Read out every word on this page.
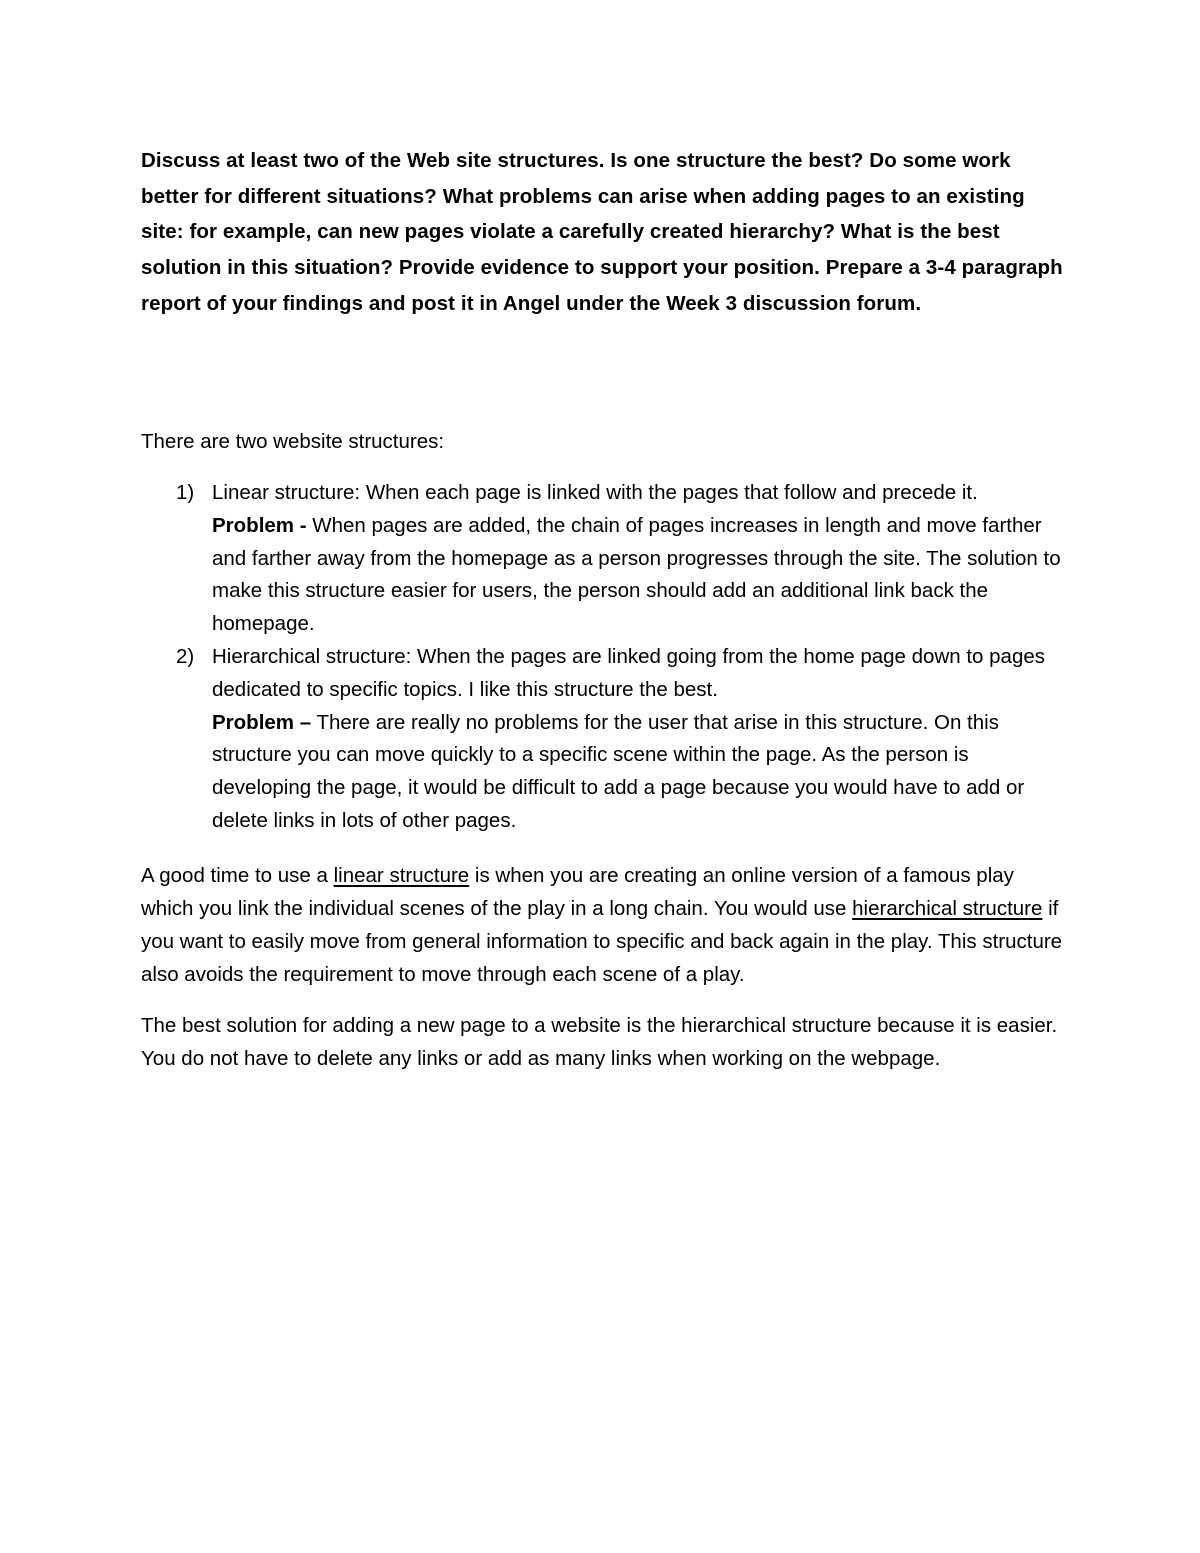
Discuss at least two of the Web site structures. Is one structure the best? Do some work better for different situations? What problems can arise when adding pages to an existing site: for example, can new pages violate a carefully created hierarchy? What is the best solution in this situation? Provide evidence to support your position. Prepare a 3-4 paragraph report of your findings and post it in Angel under the Week 3 discussion forum.

There are two website structures:

1) Linear structure: When each page is linked with the pages that follow and precede it.
Problem - When pages are added, the chain of pages increases in length and move farther and farther away from the homepage as a person progresses through the site. The solution to make this structure easier for users, the person should add an additional link back the homepage.
2) Hierarchical structure: When the pages are linked going from the home page down to pages dedicated to specific topics. I like this structure the best.
Problem – There are really no problems for the user that arise in this structure. On this structure you can move quickly to a specific scene within the page. As the person is developing the page, it would be difficult to add a page because you would have to add or delete links in lots of other pages.

A good time to use a linear structure is when you are creating an online version of a famous play which you link the individual scenes of the play in a long chain. You would use hierarchical structure if you want to easily move from general information to specific and back again in the play. This structure also avoids the requirement to move through each scene of a play.

The best solution for adding a new page to a website is the hierarchical structure because it is easier. You do not have to delete any links or add as many links when working on the webpage.
